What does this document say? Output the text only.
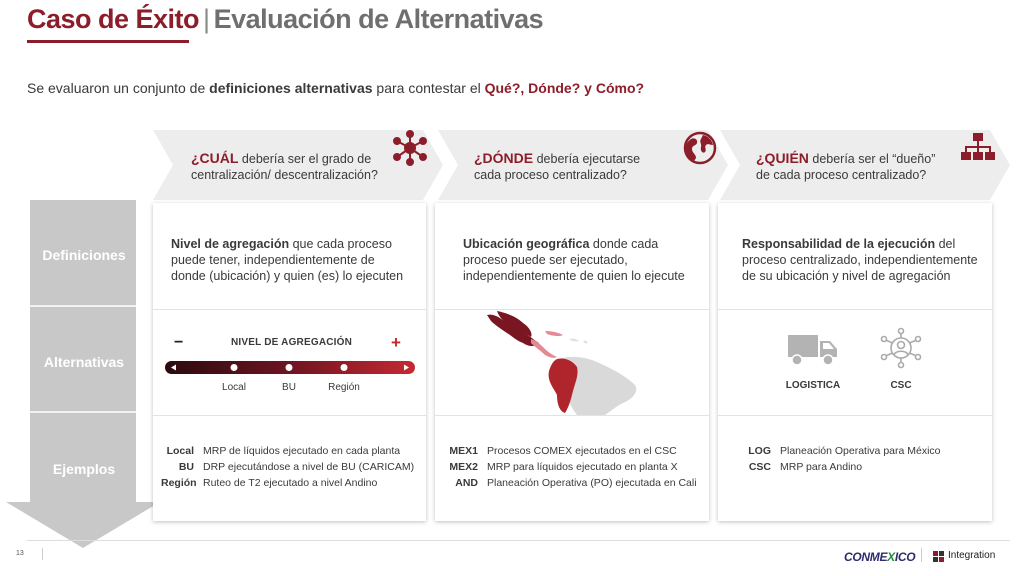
Caso de Éxito | Evaluación de Alternativas
Se evaluaron un conjunto de definiciones alternativas para contestar el Qué?, Dónde? y Cómo?
Definiciones
Alternativas
Ejemplos
¿CUÁL debería ser el grado de
centralización/ descentralización?
¿DÓNDE debería ejecutarse
cada proceso centralizado?
¿QUIÉN debería ser el “dueño”
de cada proceso centralizado?
Nivel de agregación que cada proceso
puede tener, independientemente de
donde (ubicación) y quien (es) lo ejecuten
−	NIVEL DE AGREGACIÓN +
Local	BU	Región
Local MRP de líquidos ejecutado en cada planta
BU DRP ejecutándose a nivel de BU (CARICAM)
Región Ruteo de T2 ejecutado a nivel Andino
Ubicación geográfica donde cada
proceso puede ser ejecutado,
independientemente de quien lo ejecute
MEX1 Procesos COMEX ejecutados en el CSC
MEX2 MRP para líquidos ejecutado en planta X
AND Planeación Operativa (PO) ejecutada en Cali
Responsabilidad de la ejecución del
proceso centralizado, independientemente
de su ubicación y nivel de agregación
LOGISTICA	CSC
LOG Planeación Operativa para México
CSC MRP para Andino
13	CONMEXICO	Integration
